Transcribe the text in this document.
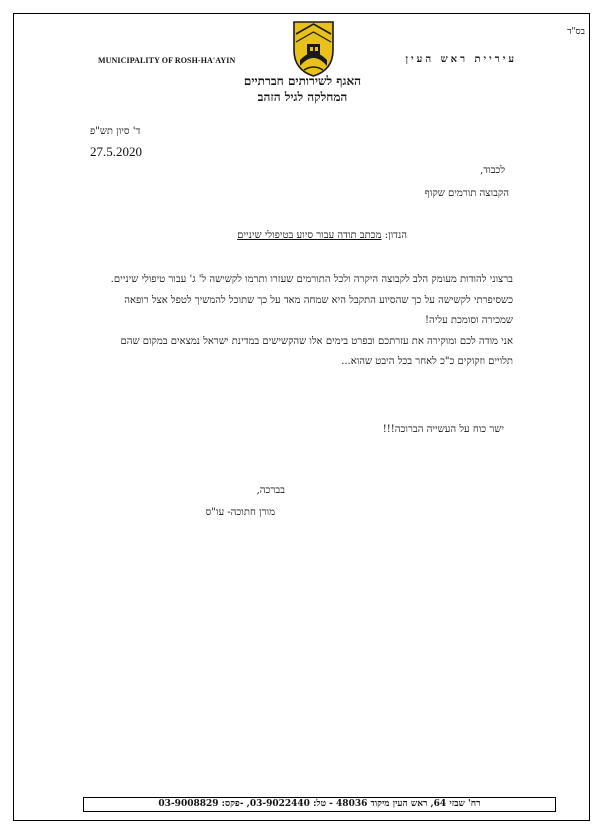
בס"ד
MUNICIPALITY OF ROSH-HA'AYIN	עיריית ראש העין
האגף לשירותים חברתיים
המחלקה לגיל הזהב
ד' סיון תש"פ
27.5.2020
לכבוד,
הקבוצה תורמים שקוף
הנדון: מכתב תודה עבור סיוע בטיפולי שיניים

ברצוני להודות מעומק הלב לקבוצה היקרה ולכל התורמים שעזרו ותרמו לקשישה ל' ג' עבור טיפולי שיניים.

כשסיפרתי לקשישה על כך שהסיוע התקבל היא שמחה מאד על כך שתוכל להמשיך לטפל אצל רופאה שמכירה וסומכת עליה!

אני מודה לכם ומוקירה את עזרתכם ובפרט בימים אלו שהקשישים במדינת ישראל נמצאים במקום שהם תלויים וזקוקים כ"כ לאחר בכל היבט שהוא...

ישר כוח על העשייה הברוכה!!!
בברכה,
מורן חתוכה- עו"ס
רח' שבזי 64, ראש העין מיקוד 48036 - טל: 03-9022440, -פקס: 03-9008829
